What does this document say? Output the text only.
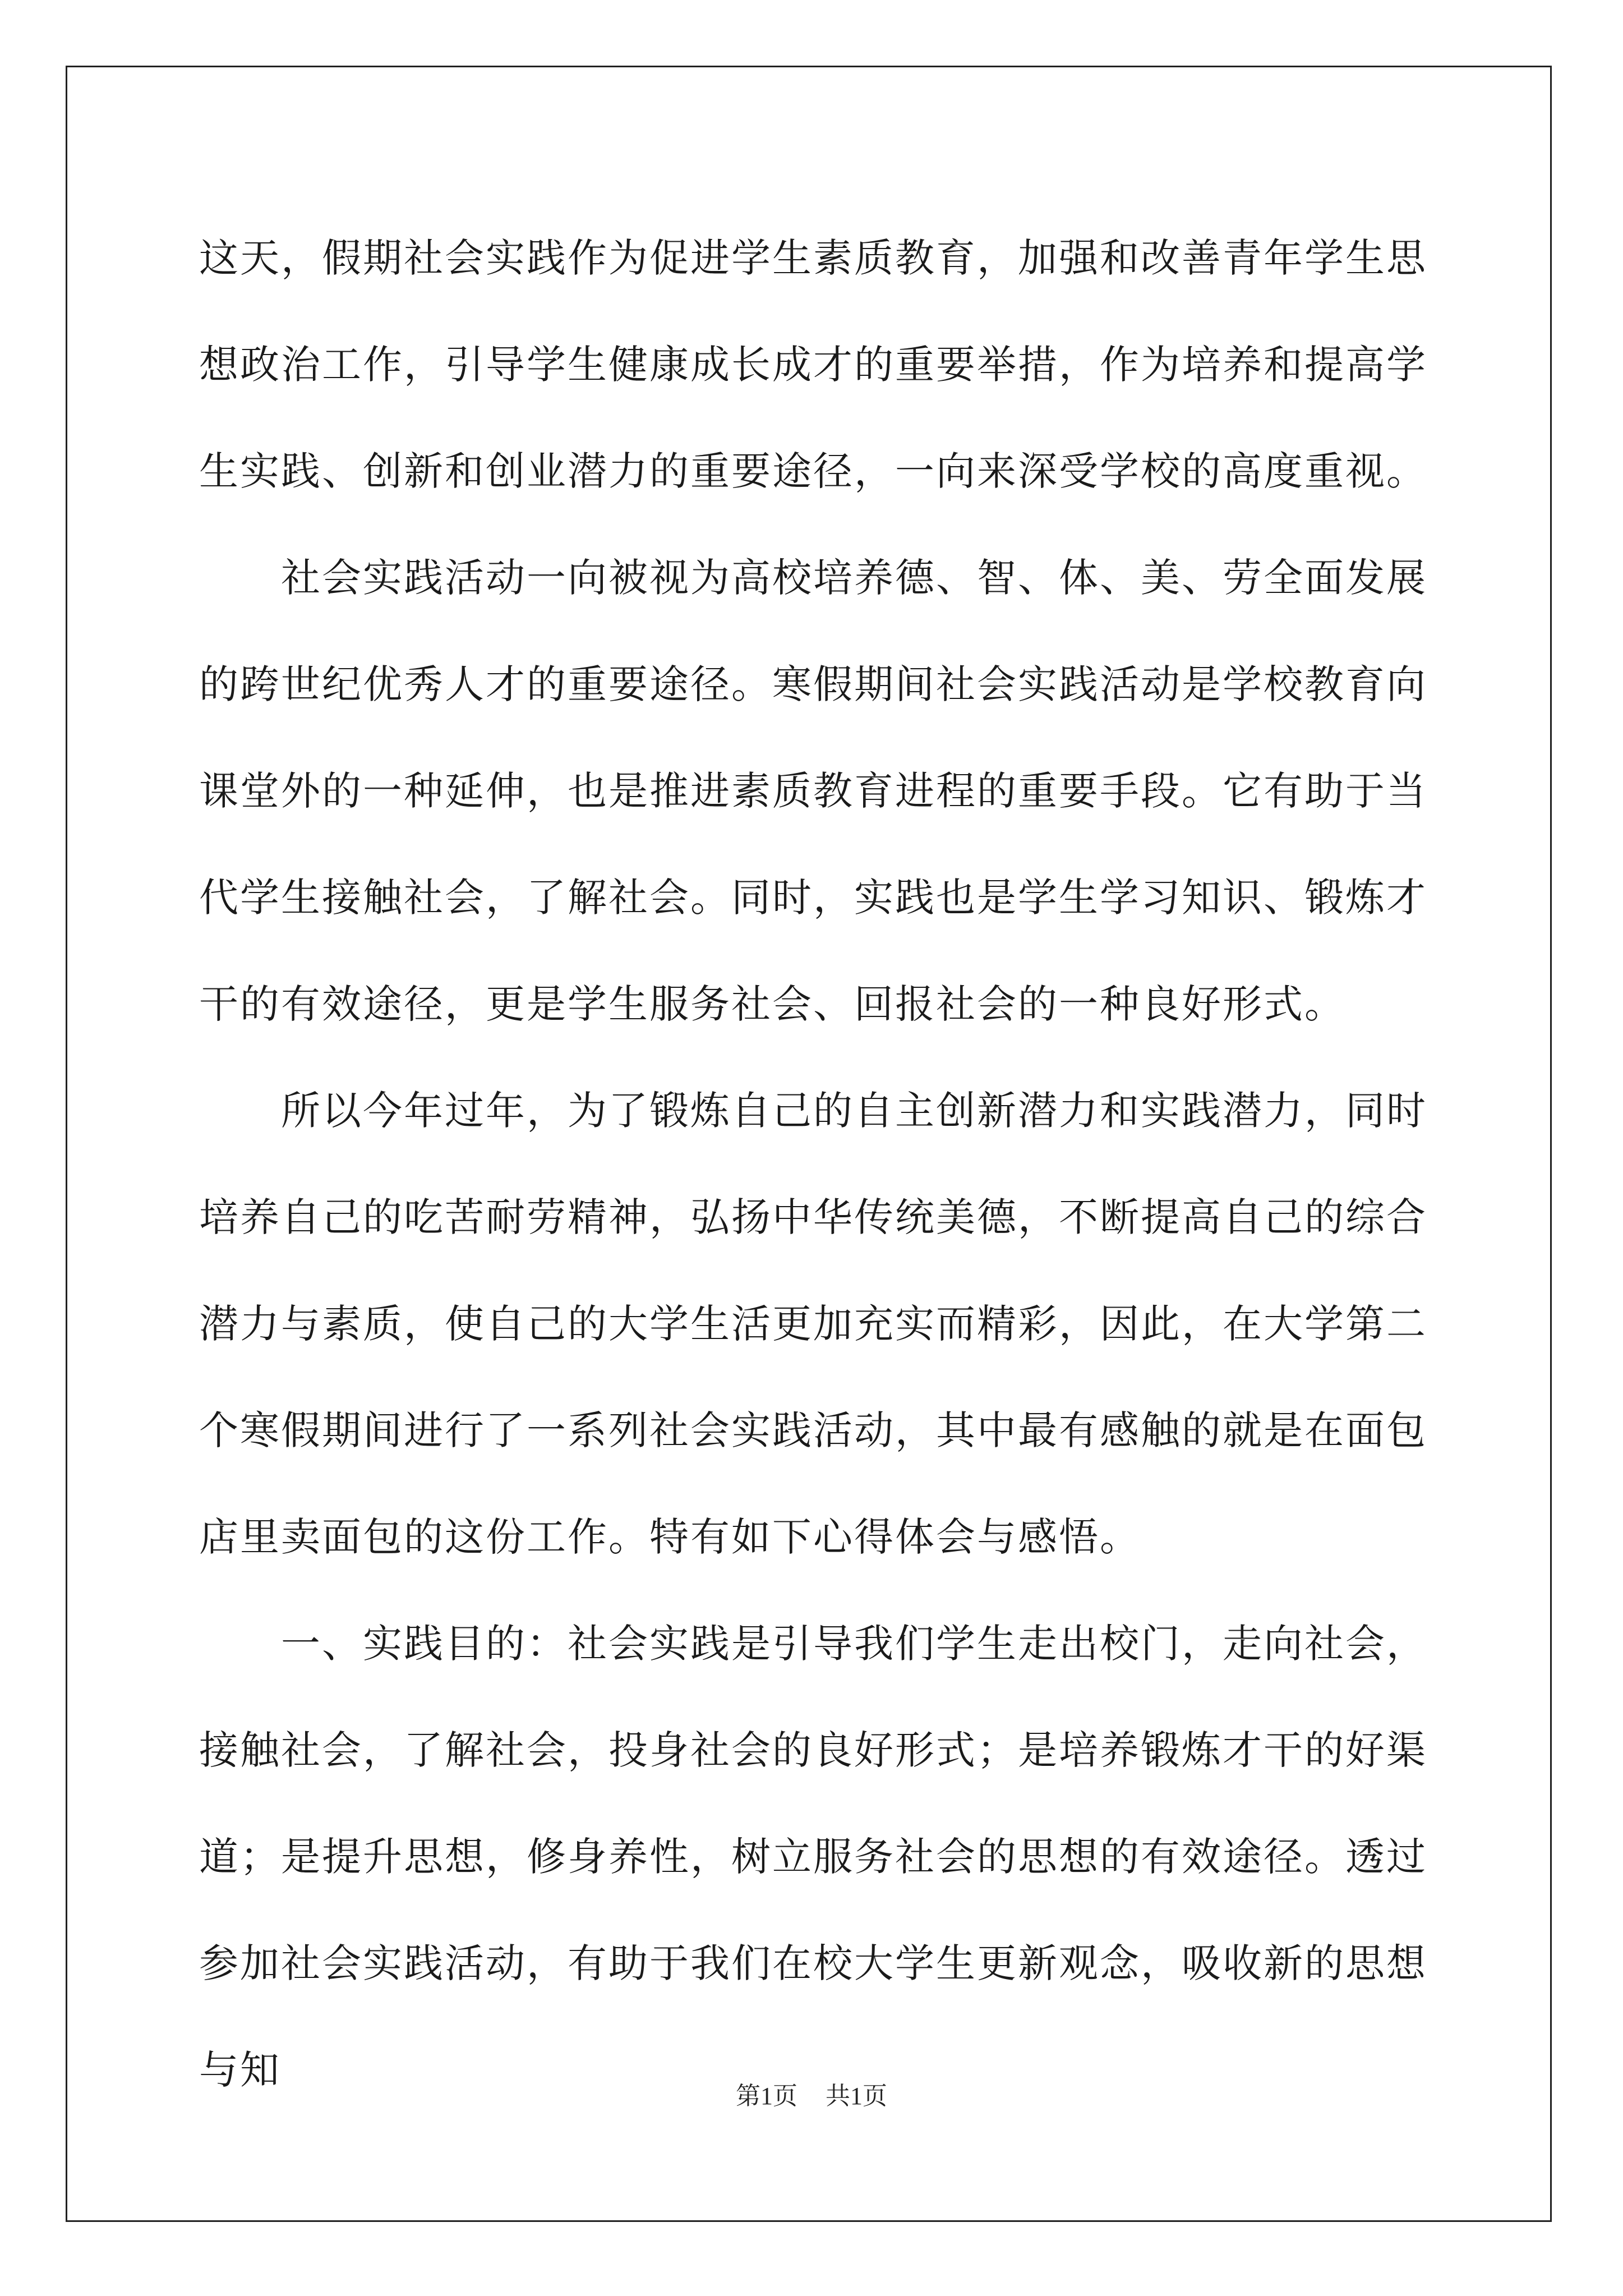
这天，假期社会实践作为促进学生素质教育，加强和改善青年学生思想政治工作，引导学生健康成长成才的重要举措，作为培养和提高学生实践、创新和创业潜力的重要途径，一向来深受学校的高度重视。

社会实践活动一向被视为高校培养德、智、体、美、劳全面发展的跨世纪优秀人才的重要途径。寒假期间社会实践活动是学校教育向课堂外的一种延伸，也是推进素质教育进程的重要手段。它有助于当代学生接触社会，了解社会。同时，实践也是学生学习知识、锻炼才干的有效途径，更是学生服务社会、回报社会的一种良好形式。

所以今年过年，为了锻炼自己的自主创新潜力和实践潜力，同时培养自己的吃苦耐劳精神，弘扬中华传统美德，不断提高自己的综合潜力与素质，使自己的大学生活更加充实而精彩，因此，在大学第二个寒假期间进行了一系列社会实践活动，其中最有感触的就是在面包店里卖面包的这份工作。特有如下心得体会与感悟。

一、实践目的：社会实践是引导我们学生走出校门，走向社会，接触社会，了解社会，投身社会的良好形式；是培养锻炼才干的好渠道；是提升思想，修身养性，树立服务社会的思想的有效途径。透过参加社会实践活动，有助于我们在校大学生更新观念，吸收新的思想与知

第1页 共1页
